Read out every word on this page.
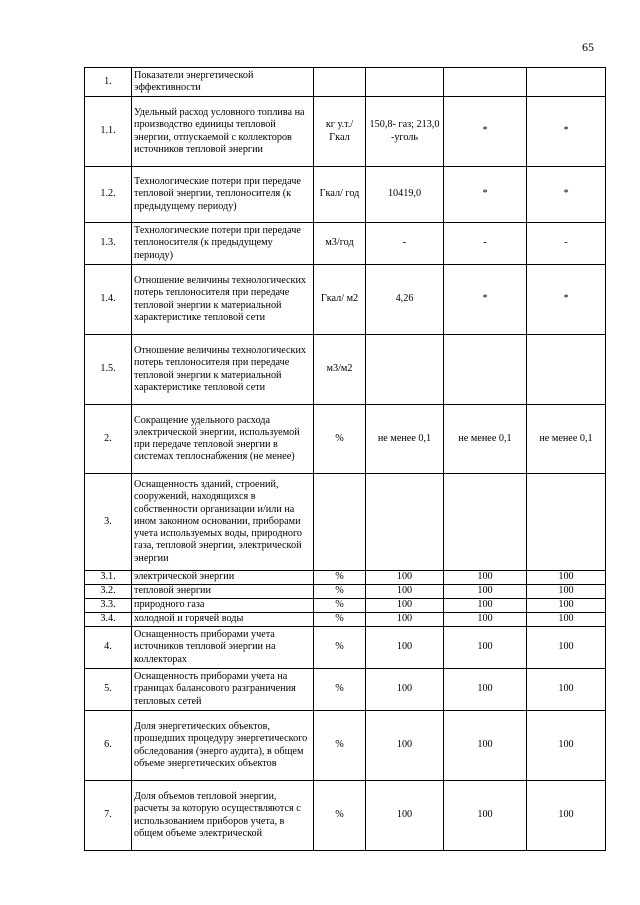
65
1.	Показатели энергетической эффективности				
1.1.	Удельный расход условного топлива на производство единицы тепловой энергии, отпускаемой с коллекторов источников тепловой энергии	кг у.т./ Гкал	150,8- газ; 213,0 -уголь	*	*
1.2.	Технологические потери при передаче тепловой энергии, теплоносителя (к предыдущему периоду)	Гкал/ год	10419,0	*	*
1.3.	Технологические потери при передаче теплоносителя (к предыдущему периоду)	м3/год	-	-	-
1.4.	Отношение величины технологических потерь теплоносителя при передаче тепловой энергии к материальной характеристике тепловой сети	Гкал/ м2	4,26	*	*
1.5.	Отношение величины технологических потерь теплоносителя при передаче тепловой энергии к материальной характеристике тепловой сети	м3/м2			
2.	Сокращение удельного расхода электрической энергии, используемой при передаче тепловой энергии в системах теплоснабжения (не менее)	%	не менее 0,1	не менее 0,1	не менее 0,1
3.	Оснащенность зданий, строений, сооружений, находящихся в собственности организации и/или на ином законном основании, приборами учета используемых воды, природного газа, тепловой энергии, электрической энергии				
3.1.	электрической энергии	%	100	100	100
3.2.	тепловой энергии	%	100	100	100
3.3.	природного газа	%	100	100	100
3.4.	холодной и горячей воды	%	100	100	100
4.	Оснащенность приборами учета источников тепловой энергии на коллекторах	%	100	100	100
5.	Оснащенность приборами учета на границах балансового разграничения тепловых сетей	%	100	100	100
6.	Доля энергетических объектов, прошедших процедуру энергетического обследования (энерго аудита), в общем объеме энергетических объектов	%	100	100	100
7.	Доля объемов тепловой энергии, расчеты за которую осуществляются с использованием приборов учета, в общем объеме электрической	%	100	100	100
